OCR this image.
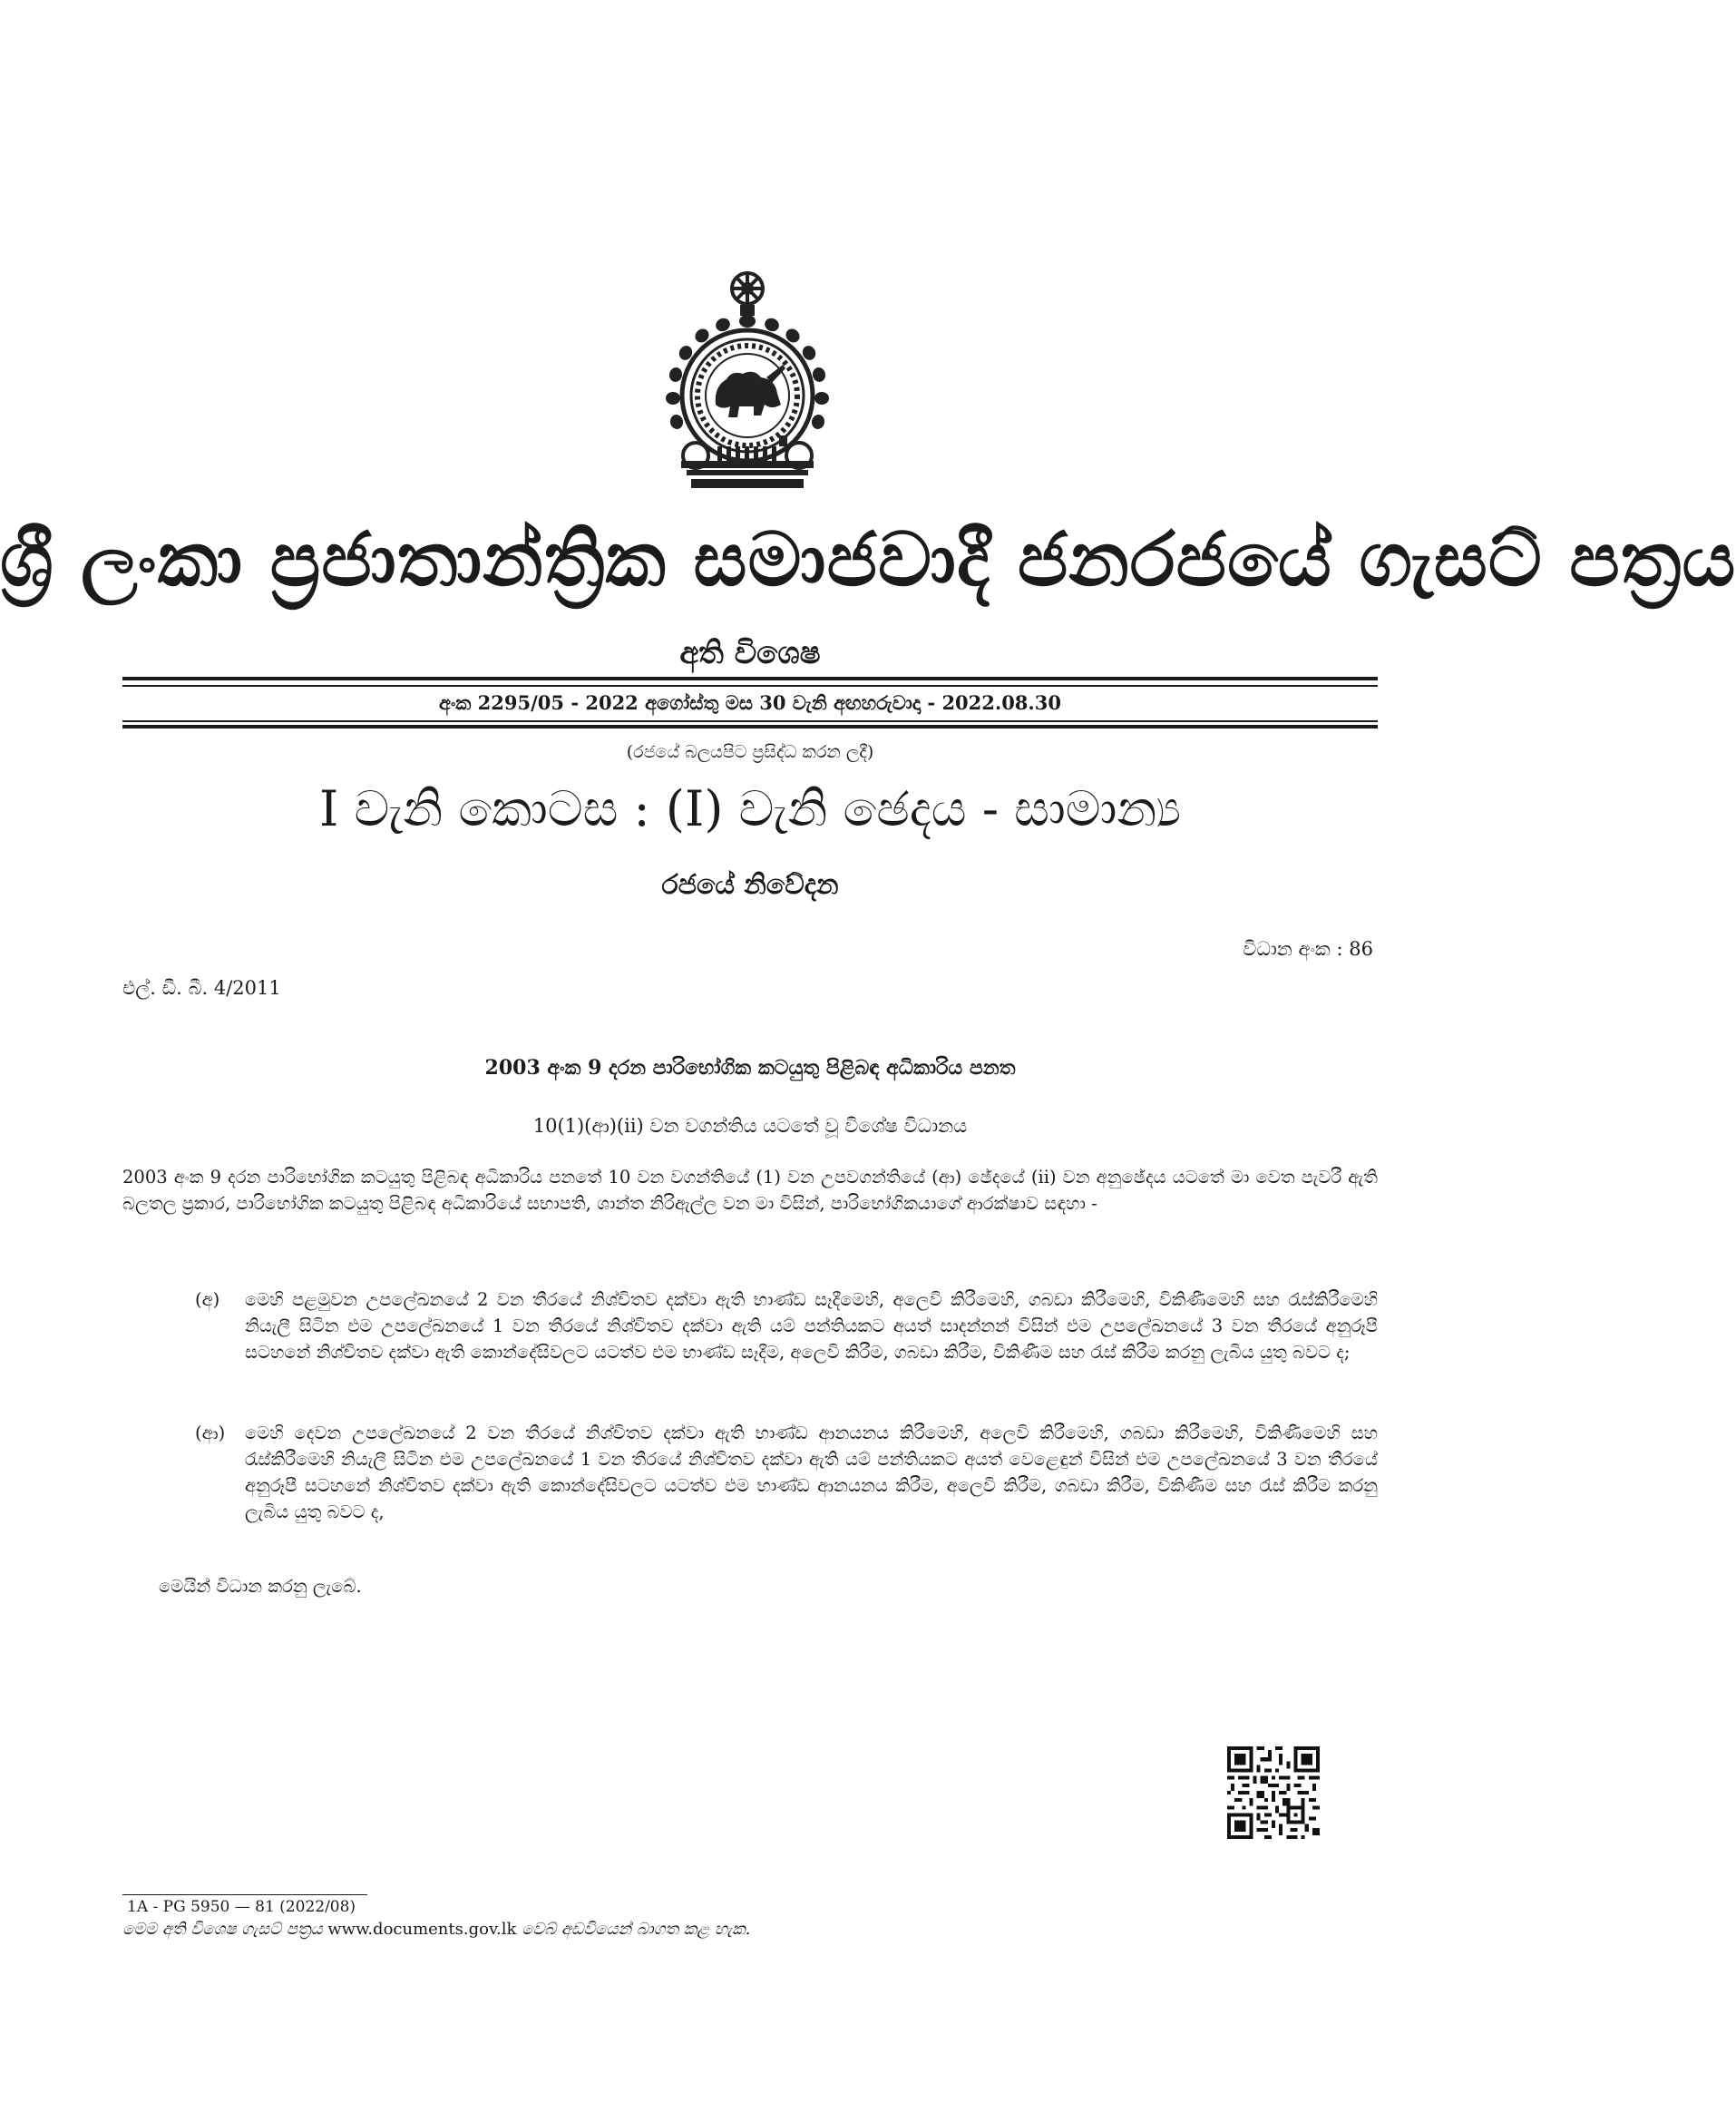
ශ්‍රී ලංකා ප්‍රජාතාන්ත්‍රික සමාජවාදී ජනරජයේ ගැසට් පත්‍රය
අති විශෙෂ
අංක 2295/05 - 2022 අගෝස්තු මස 30 වැනි අඟහරුවාදා - 2022.08.30
(රජයේ බලයපිට ප්‍රසිද්ධ කරන ලදී)
I වැනි කොටස : (I) වැනි ඡෙදය - සාමාන්‍ය
රජයේ නිවේදන
විධාන අංක : 86
එල්. ඩී. බී. 4/2011
2003 අංක 9 දරන පාරිභෝගික කටයුතු පිළිබඳ අධිකාරිය පනත
10(1)(ආ)(ii) වන වගන්තිය යටතේ වූ විශේෂ විධානය

2003 අංක 9 දරන පාරිභෝගික කටයුතු පිළිබඳ අධිකාරිය පනතේ 10 වන වගන්තියේ (1) වන උපවගන්තියේ (ආ) ඡේදයේ (ii) වන අනුඡේදය යටතේ මා වෙත පැවරී ඇති බලතල ප්‍රකාර, පාරිභෝගික කටයුතු පිළිබඳ අධිකාරියේ සභාපති, ශාන්ත නිරිඇල්ල වන මා විසින්, පාරිභෝගිකයාගේ ආරක්ෂාව සඳහා -

(අ)	මෙහි පළමුවන උපලේඛනයේ 2 වන තීරයේ නිශ්චිතව දක්වා ඇති භාණ්ඩ සෑදීමෙහි, අලෙවි කිරීමෙහි, ගබඩා කිරීමෙහි, විකිණීමෙහි සහ රැස්කිරීමෙහි නියැලී සිටින එම උපලේඛනයේ 1 වන තීරයේ නිශ්චිතව දක්වා ඇති යම් පන්තියකට අයත් සාදන්නන් විසින් එම උපලේඛනයේ 3 වන තීරයේ අනුරූපී සටහනේ නිශ්චිතව දක්වා ඇති කොන්දේසිවලට යටත්ව එම භාණ්ඩ සෑදීම, අලෙවි කිරීම, ගබඩා කිරීම, විකිණීම සහ රැස් කිරීම කරනු ලැබිය යුතු බවට ද;
(ආ)	මෙහි දෙවන උපලේඛනයේ 2 වන තීරයේ නිශ්චිතව දක්වා ඇති භාණ්ඩ ආනයනය කිරීමෙහි, අලෙවි කිරීමෙහි, ගබඩා කිරීමෙහි, විකිණීමෙහි සහ රැස්කිරීමෙහි නියැලී සිටින එම උපලේඛනයේ 1 වන තීරයේ නිශ්චිතව දක්වා ඇති යම් පන්තියකට අයත් වෙළෙඳුන් විසින් එම උපලේඛනයේ 3 වන තීරයේ අනුරූපී සටහනේ නිශ්චිතව දක්වා ඇති කොන්දේසිවලට යටත්ව එම භාණ්ඩ ආනයනය කිරීම, අලෙවි කිරීම, ගබඩා කිරීම, විකිණීම සහ රැස් කිරීම කරනු ලැබිය යුතු බවට ද,
මෙයින් විධාන කරනු ලැබේ.
1A - PG 5950 — 81 (2022/08)
මෙම අති විශෙෂ ගැසට් පත්‍රය www.documents.gov.lk වෙබ් අඩවියෙන් බාගත කළ හැක.
